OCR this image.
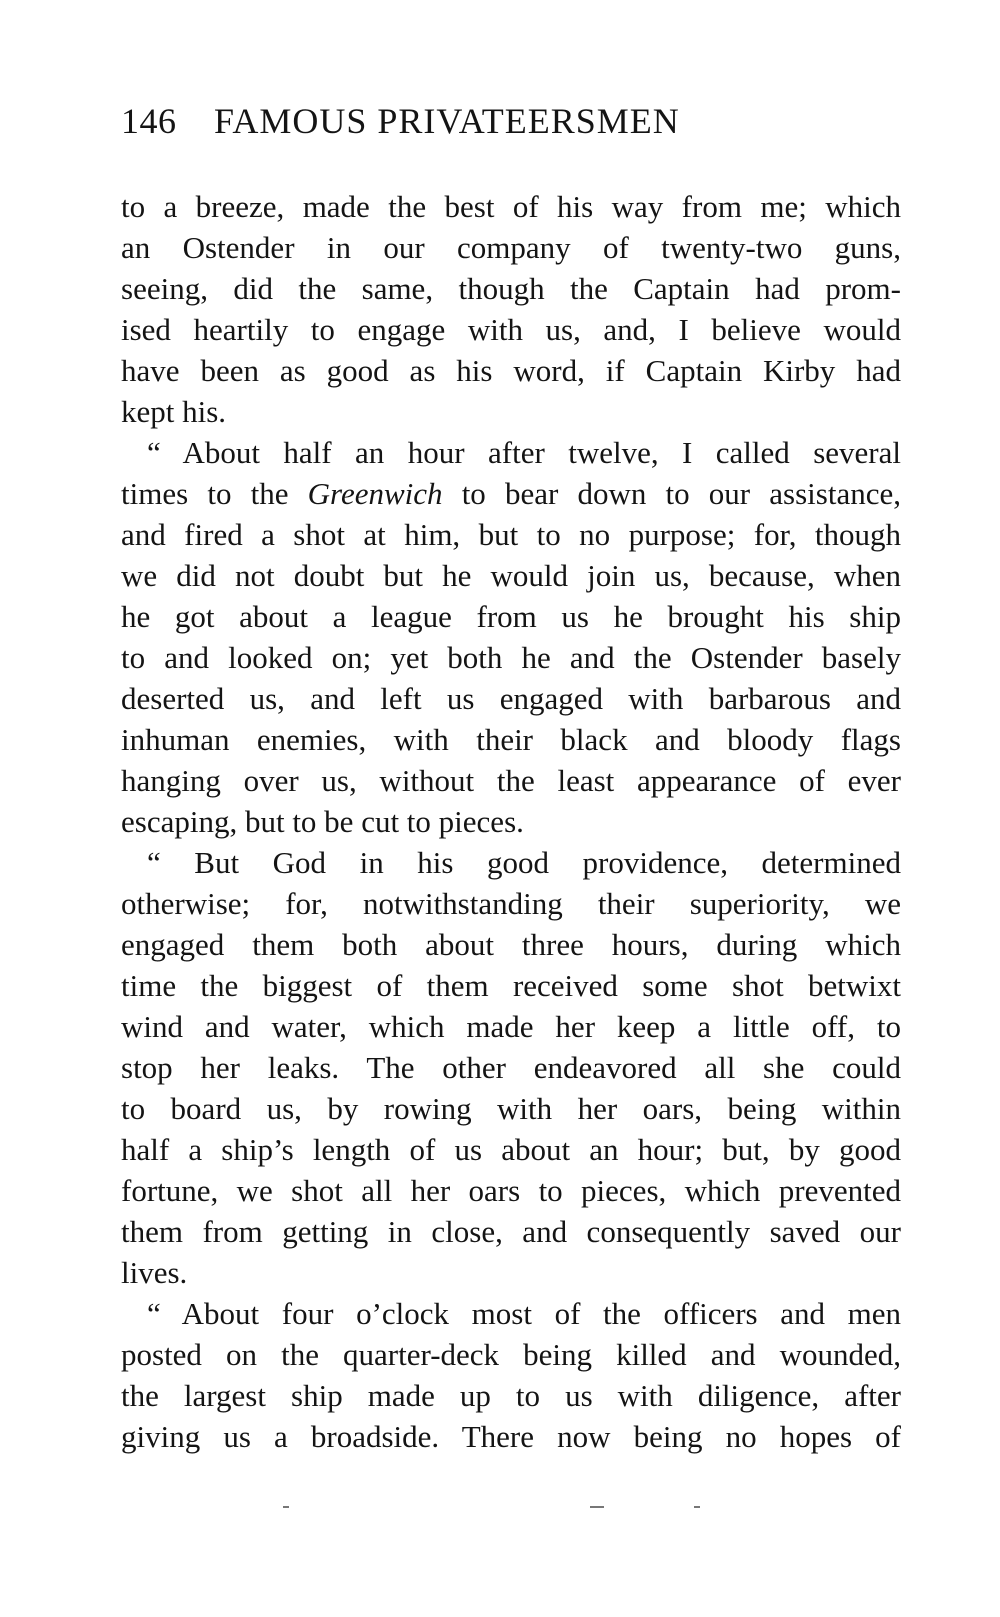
146 FAMOUS PRIVATEERSMEN
to a breeze, made the best of his way from me; which
an Ostender in our company of twenty-two guns,
seeing, did the same, though the Captain had prom-
ised heartily to engage with us, and, I believe would
have been as good as his word, if Captain Kirby had
kept his.
“ About half an hour after twelve, I called several
times to the Greenwich to bear down to our assistance,
and fired a shot at him, but to no purpose; for, though
we did not doubt but he would join us, because, when
he got about a league from us he brought his ship
to and looked on; yet both he and the Ostender basely
deserted us, and left us engaged with barbarous and
inhuman enemies, with their black and bloody flags
hanging over us, without the least appearance of ever
escaping, but to be cut to pieces.
“ But God in his good providence, determined
otherwise; for, notwithstanding their superiority, we
engaged them both about three hours, during which
time the biggest of them received some shot betwixt
wind and water, which made her keep a little off, to
stop her leaks. The other endeavored all she could
to board us, by rowing with her oars, being within
half a ship’s length of us about an hour; but, by good
fortune, we shot all her oars to pieces, which prevented
them from getting in close, and consequently saved our
lives.
“ About four o’clock most of the officers and men
posted on the quarter-deck being killed and wounded,
the largest ship made up to us with diligence, after
giving us a broadside. There now being no hopes of
